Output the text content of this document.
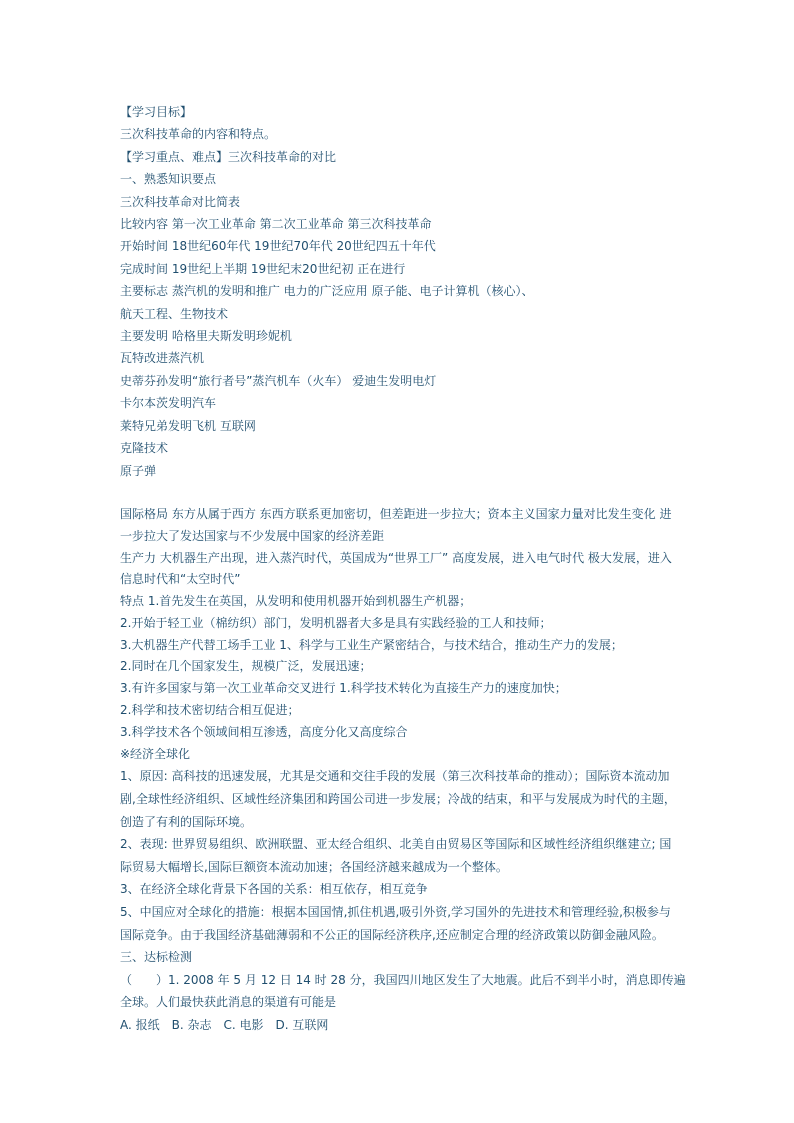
【学习目标】
三次科技革命的内容和特点。
【学习重点、难点】三次科技革命的对比
一、熟悉知识要点
三次科技革命对比简表
比较内容 第一次工业革命 第二次工业革命 第三次科技革命
开始时间 18世纪60年代 19世纪70年代 20世纪四五十年代
完成时间 19世纪上半期 19世纪末20世纪初 正在进行
主要标志 蒸汽机的发明和推广 电力的广泛应用 原子能、电子计算机（核心）、
航天工程、生物技术
主要发明 哈格里夫斯发明珍妮机
瓦特改进蒸汽机
史蒂芬孙发明“旅行者号”蒸汽机车（火车） 爱迪生发明电灯
卡尔本茨发明汽车
莱特兄弟发明飞机 互联网
克隆技术
原子弹
国际格局 东方从属于西方 东西方联系更加密切，但差距进一步拉大；资本主义国家力量对比发生变化 进
一步拉大了发达国家与不少发展中国家的经济差距
生产力 大机器生产出现，进入蒸汽时代，英国成为“世界工厂” 高度发展，进入电气时代 极大发展，进入
信息时代和“太空时代”
特点 1.首先发生在英国，从发明和使用机器开始到机器生产机器；
2.开始于轻工业（棉纺织）部门，发明机器者大多是具有实践经验的工人和技师；
3.大机器生产代替工场手工业 1、科学与工业生产紧密结合，与技术结合，推动生产力的发展；
2.同时在几个国家发生，规模广泛，发展迅速；
3.有许多国家与第一次工业革命交叉进行 1.科学技术转化为直接生产力的速度加快；
2.科学和技术密切结合相互促进；
3.科学技术各个领域间相互渗透，高度分化又高度综合
※经济全球化
1、原因: 高科技的迅速发展，尤其是交通和交往手段的发展（第三次科技革命的推动）；国际资本流动加
剧,全球性经济组织、区域性经济集团和跨国公司进一步发展；冷战的结束，和平与发展成为时代的主题，
创造了有利的国际环境。
2、表现: 世界贸易组织、欧洲联盟、亚太经合组织、北美自由贸易区等国际和区域性经济组织继建立; 国
际贸易大幅增长,国际巨额资本流动加速；各国经济越来越成为一个整体。
3、在经济全球化背景下各国的关系：相互依存，相互竞争
5、中国应对全球化的措施：根据本国国情,抓住机遇,吸引外资,学习国外的先进技术和管理经验,积极参与
国际竞争。由于我国经济基础薄弱和不公正的国际经济秩序,还应制定合理的经济政策以防御金融风险。
三、达标检测
（　　）1. 2008 年 5 月 12 日 14 时 28 分，我国四川地区发生了大地震。此后不到半小时，消息即传遍
全球。人们最快获此消息的渠道有可能是
A. 报纸　B. 杂志　C. 电影　D. 互联网
